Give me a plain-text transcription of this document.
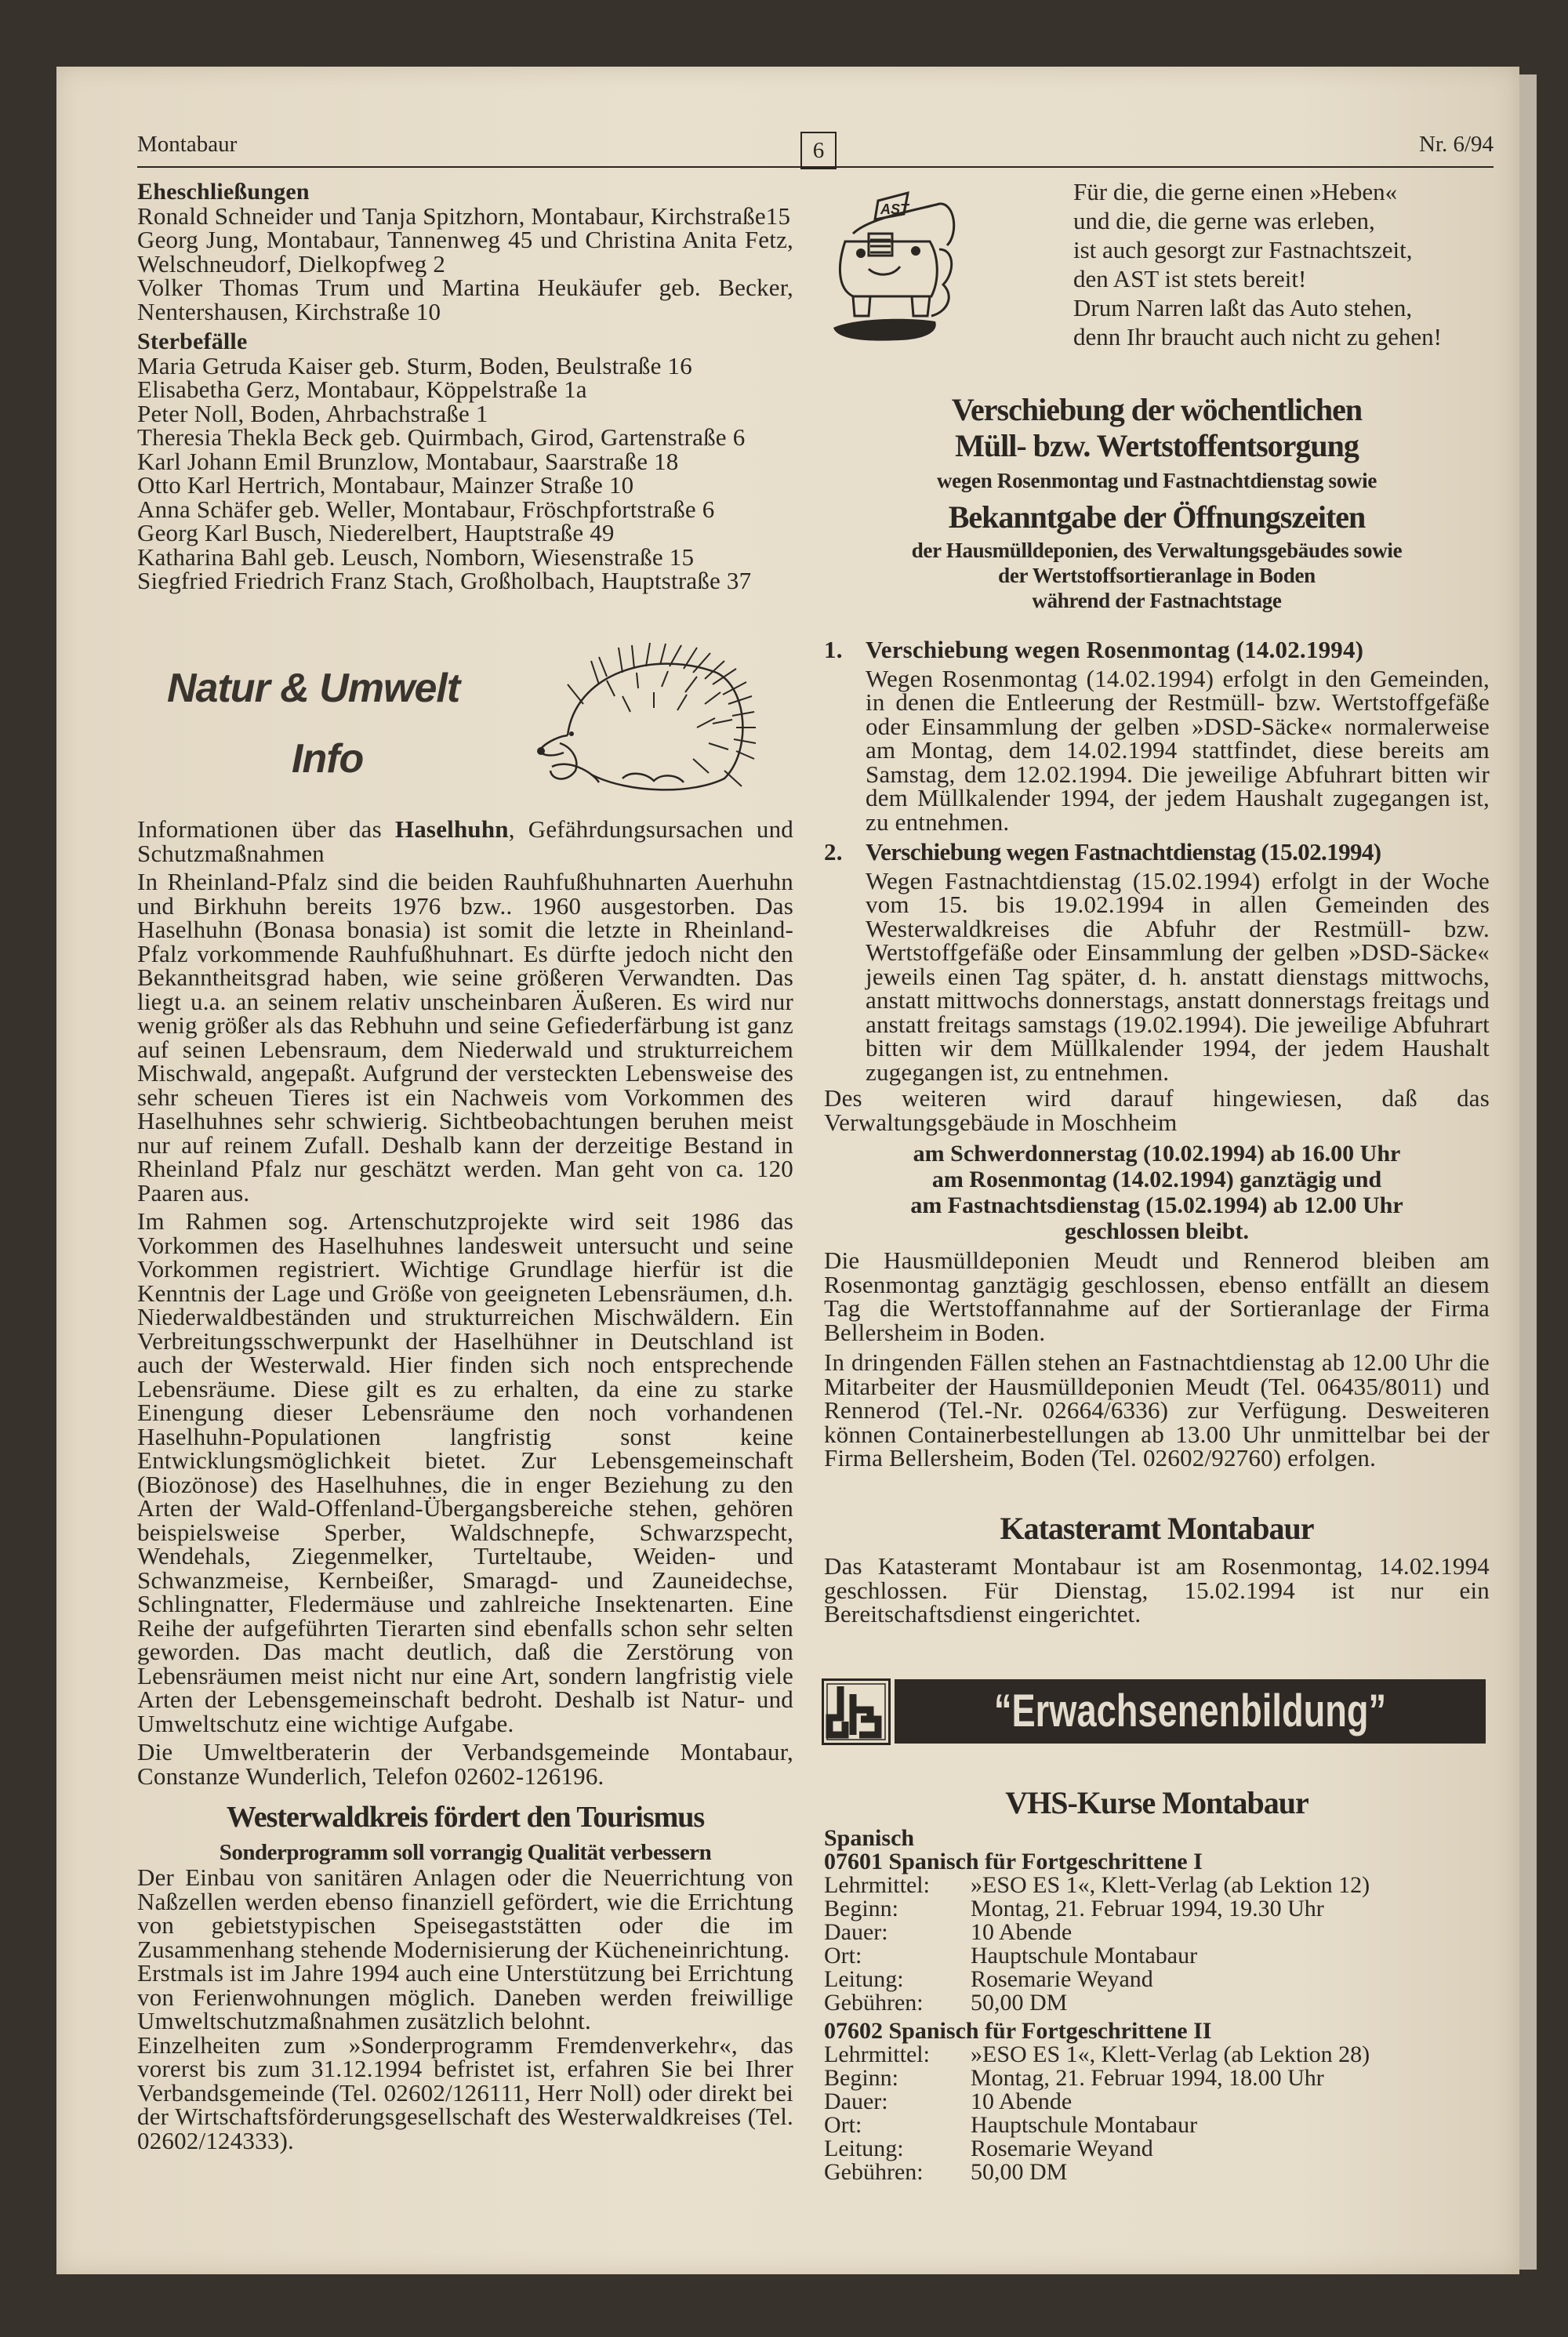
Montabaur	6	Nr. 6/94
Eheschließungen
Ronald Schneider und Tanja Spitzhorn, Montabaur, Kirchstraße15
Georg Jung, Montabaur, Tannenweg 45 und Christina Anita Fetz, Welschneudorf, Dielkopfweg 2
Volker Thomas Trum und Martina Heukäufer geb. Becker, Nentershausen, Kirchstraße 10
Sterbefälle
Maria Getruda Kaiser geb. Sturm, Boden, Beulstraße 16
Elisabetha Gerz, Montabaur, Köppelstraße 1a
Peter Noll, Boden, Ahrbachstraße 1
Theresia Thekla Beck geb. Quirmbach, Girod, Gartenstraße 6
Karl Johann Emil Brunzlow, Montabaur, Saarstraße 18
Otto Karl Hertrich, Montabaur, Mainzer Straße 10
Anna Schäfer geb. Weller, Montabaur, Fröschpfortstraße 6
Georg Karl Busch, Niederelbert, Hauptstraße 49
Katharina Bahl geb. Leusch, Nomborn, Wiesenstraße 15
Siegfried Friedrich Franz Stach, Großholbach, Hauptstraße 37
Natur & Umwelt
Info

Informationen über das Haselhuhn, Gefährdungsursachen und Schutzmaßnahmen

In Rheinland-Pfalz sind die beiden Rauhfußhuhnarten Auerhuhn und Birkhuhn bereits 1976 bzw.. 1960 ausgestorben. Das Haselhuhn (Bonasa bonasia) ist somit die letzte in Rheinland-Pfalz vorkommende Rauhfußhuhnart. Es dürfte jedoch nicht den Bekanntheitsgrad haben, wie seine größeren Verwandten. Das liegt u.a. an seinem relativ unscheinbaren Äußeren. Es wird nur wenig größer als das Rebhuhn und seine Gefiederfärbung ist ganz auf seinen Lebensraum, dem Niederwald und strukturreichem Mischwald, angepaßt. Aufgrund der versteckten Lebensweise des sehr scheuen Tieres ist ein Nachweis vom Vorkommen des Haselhuhnes sehr schwierig. Sichtbeobachtungen beruhen meist nur auf reinem Zufall. Deshalb kann der derzeitige Bestand in Rheinland Pfalz nur geschätzt werden. Man geht von ca. 120 Paaren aus.

Im Rahmen sog. Artenschutzprojekte wird seit 1986 das Vorkommen des Haselhuhnes landesweit untersucht und seine Vorkommen registriert. Wichtige Grundlage hierfür ist die Kenntnis der Lage und Größe von geeigneten Lebensräumen, d.h. Niederwaldbeständen und strukturreichen Mischwäldern. Ein Verbreitungsschwerpunkt der Haselhühner in Deutschland ist auch der Westerwald. Hier finden sich noch entsprechende Lebensräume. Diese gilt es zu erhalten, da eine zu starke Einengung dieser Lebensräume den noch vorhandenen Haselhuhn-Populationen langfristig sonst keine Entwicklungsmöglichkeit bietet. Zur Lebensgemeinschaft (Biozönose) des Haselhuhnes, die in enger Beziehung zu den Arten der Wald-Offenland-Übergangsbereiche stehen, gehören beispielsweise Sperber, Waldschnepfe, Schwarzspecht, Wendehals, Ziegenmelker, Turteltaube, Weiden- und Schwanzmeise, Kernbeißer, Smaragd- und Zauneidechse, Schlingnatter, Fledermäuse und zahlreiche Insektenarten. Eine Reihe der aufgeführten Tierarten sind ebenfalls schon sehr selten geworden. Das macht deutlich, daß die Zerstörung von Lebensräumen meist nicht nur eine Art, sondern langfristig viele Arten der Lebensgemeinschaft bedroht. Deshalb ist Natur- und Umweltschutz eine wichtige Aufgabe.

Die Umweltberaterin der Verbandsgemeinde Montabaur, Constanze Wunderlich, Telefon 02602-126196.

Westerwaldkreis fördert den Tourismus
Sonderprogramm soll vorrangig Qualität verbessern

Der Einbau von sanitären Anlagen oder die Neuerrichtung von Naßzellen werden ebenso finanziell gefördert, wie die Errichtung von gebietstypischen Speisegaststätten oder die im Zusammenhang stehende Modernisierung der Kücheneinrichtung.

Erstmals ist im Jahre 1994 auch eine Unterstützung bei Errichtung von Ferienwohnungen möglich. Daneben werden freiwillige Umweltschutzmaßnahmen zusätzlich belohnt.

Einzelheiten zum »Sonderprogramm Fremdenverkehr«, das vorerst bis zum 31.12.1994 befristet ist, erfahren Sie bei Ihrer Verbandsgemeinde (Tel. 02602/126111, Herr Noll) oder direkt bei der Wirtschaftsförderungsgesellschaft des Westerwaldkreises (Tel. 02602/124333).

AST
Für die, die gerne einen »Heben«
und die, die gerne was erleben,
ist auch gesorgt zur Fastnachtszeit,
den AST ist stets bereit!
Drum Narren laßt das Auto stehen,
denn Ihr braucht auch nicht zu gehen!
Verschiebung der wöchentlichen
Müll- bzw. Wertstoffentsorgung
wegen Rosenmontag und Fastnachtdienstag sowie
Bekanntgabe der Öffnungszeiten
der Hausmülldeponien, des Verwaltungsgebäudes sowie
der Wertstoffsortieranlage in Boden
während der Fastnachtstage
1. Verschiebung wegen Rosenmontag (14.02.1994)
Wegen Rosenmontag (14.02.1994) erfolgt in den Gemeinden, in denen die Entleerung der Restmüll- bzw. Wertstoffgefäße oder Einsammlung der gelben »DSD-Säcke« normalerweise am Montag, dem 14.02.1994 stattfindet, diese bereits am Samstag, dem 12.02.1994. Die jeweilige Abfuhrart bitten wir dem Müllkalender 1994, der jedem Haushalt zugegangen ist, zu entnehmen.
2. Verschiebung wegen Fastnachtdienstag (15.02.1994)
Wegen Fastnachtdienstag (15.02.1994) erfolgt in der Woche vom 15. bis 19.02.1994 in allen Gemeinden des Westerwaldkreises die Abfuhr der Restmüll- bzw. Wertstoffgefäße oder Einsammlung der gelben »DSD-Säcke« jeweils einen Tag später, d. h. anstatt dienstags mittwochs, anstatt mittwochs donnerstags, anstatt donnerstags freitags und anstatt freitags samstags (19.02.1994). Die jeweilige Abfuhrart bitten wir dem Müllkalender 1994, der jedem Haushalt zugegangen ist, zu entnehmen.
Des weiteren wird darauf hingewiesen, daß das Verwaltungsgebäude in Moschheim
am Schwerdonnerstag (10.02.1994) ab 16.00 Uhr
am Rosenmontag (14.02.1994) ganztägig und
am Fastnachtsdienstag (15.02.1994) ab 12.00 Uhr
geschlossen bleibt.
Die Hausmülldeponien Meudt und Rennerod bleiben am Rosenmontag ganztägig geschlossen, ebenso entfällt an diesem Tag die Wertstoffannahme auf der Sortieranlage der Firma Bellersheim in Boden.
In dringenden Fällen stehen an Fastnachtdienstag ab 12.00 Uhr die Mitarbeiter der Hausmülldeponien Meudt (Tel. 06435/8011) und Rennerod (Tel.-Nr. 02664/6336) zur Verfügung. Desweiteren können Containerbestellungen ab 13.00 Uhr unmittelbar bei der Firma Bellersheim, Boden (Tel. 02602/92760) erfolgen.
Katasteramt Montabaur
Das Katasteramt Montabaur ist am Rosenmontag, 14.02.1994 geschlossen. Für Dienstag, 15.02.1994 ist nur ein Bereitschaftsdienst eingerichtet.
“Erwachsenenbildung”
VHS-Kurse Montabaur
Spanisch
07601 Spanisch für Fortgeschrittene I
Lehrmittel:	»ESO ES 1«, Klett-Verlag (ab Lektion 12)
Beginn:	Montag, 21. Februar 1994, 19.30 Uhr
Dauer:	10 Abende
Ort:	Hauptschule Montabaur
Leitung:	Rosemarie Weyand
Gebühren:	50,00 DM
07602 Spanisch für Fortgeschrittene II
Lehrmittel:	»ESO ES 1«, Klett-Verlag (ab Lektion 28)
Beginn:	Montag, 21. Februar 1994, 18.00 Uhr
Dauer:	10 Abende
Ort:	Hauptschule Montabaur
Leitung:	Rosemarie Weyand
Gebühren:	50,00 DM
